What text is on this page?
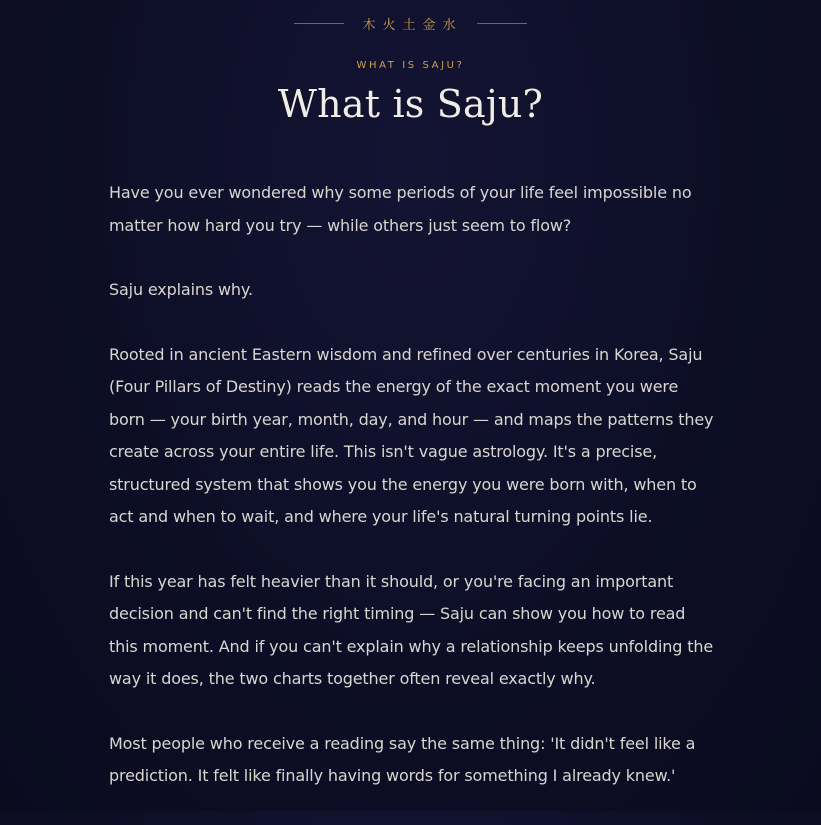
木火土金水
WHAT IS SAJU?
What is Saju?

Have you ever wondered why some periods of your life feel impossible no matter how hard you try — while others just seem to flow?

Saju explains why.

Rooted in ancient Eastern wisdom and refined over centuries in Korea, Saju (Four Pillars of Destiny) reads the energy of the exact moment you were born — your birth year, month, day, and hour — and maps the patterns they create across your entire life. This isn't vague astrology. It's a precise, structured system that shows you the energy you were born with, when to act and when to wait, and where your life's natural turning points lie.

If this year has felt heavier than it should, or you're facing an important decision and can't find the right timing — Saju can show you how to read this moment. And if you can't explain why a relationship keeps unfolding the way it does, the two charts together often reveal exactly why.

Most people who receive a reading say the same thing: 'It didn't feel like a prediction. It felt like finally having words for something I already knew.'
